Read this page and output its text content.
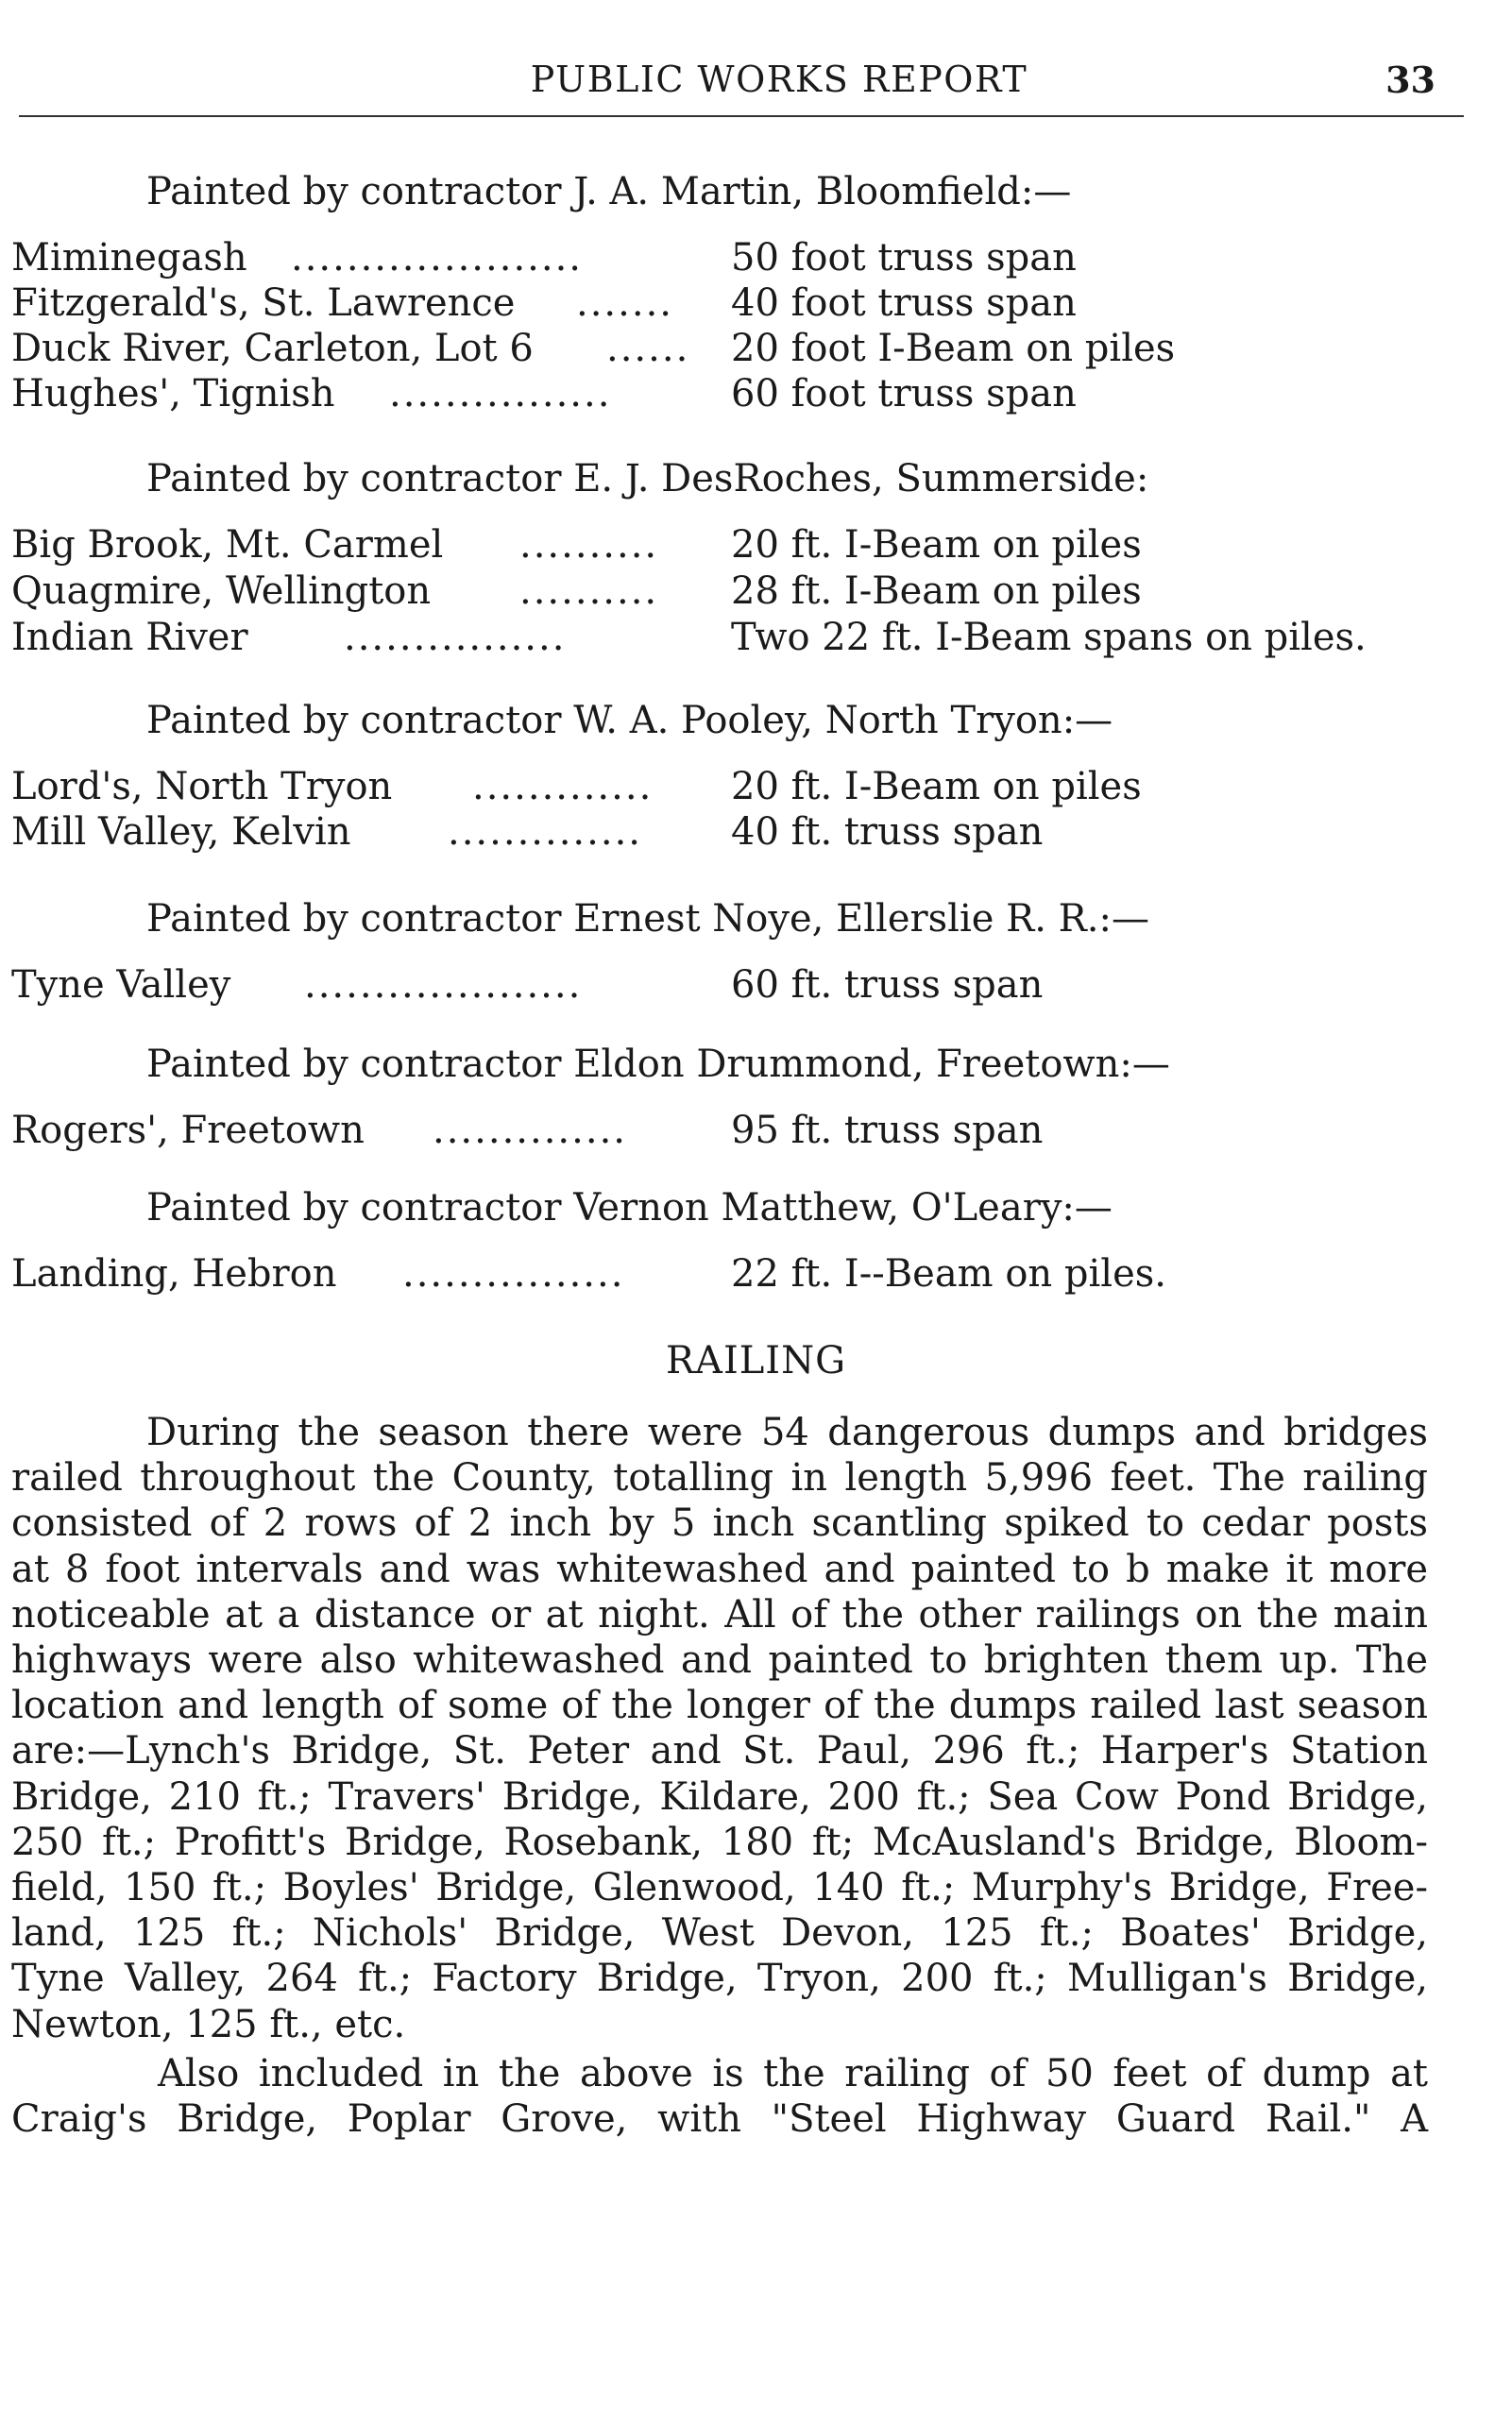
PUBLIC WORKS REPORT	33
Painted by contractor J. A. Martin, Bloomfield:—
Miminegash .....................	50 foot truss span
Fitzgerald's, St. Lawrence ....... 40 foot truss span
Duck River, Carleton, Lot 6 ...... 20 foot I-Beam on piles
Hughes', Tignish ................	60 foot truss span
Painted by contractor E. J. DesRoches, Summerside:
Big Brook, Mt. Carmel .......... 20 ft. I-Beam on piles
Quagmire, Wellington .......... 28 ft. I-Beam on piles
Indian River	................	Two 22 ft. I-Beam spans on piles.
Painted by contractor W. A. Pooley, North Tryon:—
Lord's, North Tryon ............. 20 ft. I-Beam on piles
Mill Valley, Kelvin	.............. 40 ft. truss span
Painted by contractor Ernest Noye, Ellerslie R. R.:—
Tyne Valley ....................	60 ft. truss span
Painted by contractor Eldon Drummond, Freetown:—
Rogers', Freetown ..............	95 ft. truss span
Painted by contractor Vernon Matthew, O'Leary:—
Landing, Hebron ................	22 ft. I--Beam on piles.
RAILING
During the season there were 54 dangerous dumps and bridges
railed throughout the County, totalling in length 5,996 feet. The railing
consisted of 2 rows of 2 inch by 5 inch scantling spiked to cedar posts
at 8 foot intervals and was whitewashed and painted to b make it more
noticeable at a distance or at night. All of the other railings on the main
highways were also whitewashed and painted to brighten them up. The
location and length of some of the longer of the dumps railed last season
are:—Lynch's Bridge, St. Peter and St. Paul, 296 ft.; Harper's Station
Bridge, 210 ft.; Travers' Bridge, Kildare, 200 ft.; Sea Cow Pond Bridge,
250 ft.; Profitt's Bridge, Rosebank, 180 ft; McAusland's Bridge, Bloom-
field, 150 ft.; Boyles' Bridge, Glenwood, 140 ft.; Murphy's Bridge, Free-
land, 125 ft.; Nichols' Bridge, West Devon, 125 ft.; Boates' Bridge,
Tyne Valley, 264 ft.; Factory Bridge, Tryon, 200 ft.; Mulligan's Bridge,
Newton, 125 ft., etc.
Also included in the above is the railing of 50 feet of dump at
Craig's Bridge, Poplar Grove, with "Steel Highway Guard Rail." A
